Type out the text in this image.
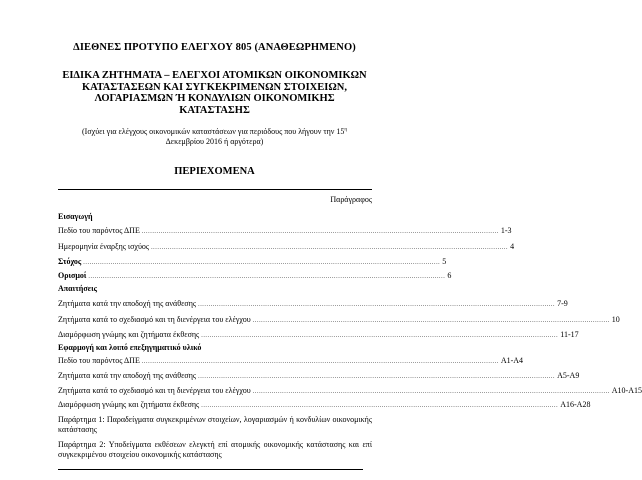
ΔΙΕΘΝΕΣ ΠΡΟΤΥΠΟ ΕΛΕΓΧΟΥ 805 (ΑΝΑΘΕΩΡΗΜΕΝΟ)
ΕΙΔΙΚΑ ΖΗΤΗΜΑΤΑ – ΕΛΕΓΧΟΙ ΑΤΟΜΙΚΩΝ ΟΙΚΟΝΟΜΙΚΩΝ
ΚΑΤΑΣΤΑΣΕΩΝ ΚΑΙ ΣΥΓΚΕΚΡΙΜΕΝΩΝ ΣΤΟΙΧΕΙΩΝ,
ΛΟΓΑΡΙΑΣΜΩΝ Ή ΚΟΝΔΥΛΙΩΝ ΟΙΚΟΝΟΜΙΚΗΣ
ΚΑΤΑΣΤΑΣΗΣ
(Ισχύει για ελέγχους οικονομικών καταστάσεων για περιόδους που λήγουν την $15^\eta$
Δεκεμβρίου 2016 ή αργότερα)
ΠΕΡΙΕΧΟΜΕΝΑ
Παράγραφος
Εισαγωγή
Πεδίο του παρόντος ΔΠΕ .......................................................................................................................................................................... 1-3
Ημερομηνία έναρξης ισχύος .......................................................................................................................................................................... 4
Στόχος .......................................................................................................................................................................... 5
Ορισμοί .......................................................................................................................................................................... 6
Απαιτήσεις
Ζητήματα κατά την αποδοχή της ανάθεσης .......................................................................................................................................................................... 7-9
Ζητήματα κατά το σχεδιασμό και τη διενέργεια του ελέγχου .......................................................................................................................................................................... 10
Διαμόρφωση γνώμης και ζητήματα έκθεσης .......................................................................................................................................................................... 11-17
Εφαρμογή και λοιπό επεξηγηματικό υλικό
Πεδίο του παρόντος ΔΠΕ .......................................................................................................................................................................... A1-A4
Ζητήματα κατά την αποδοχή της ανάθεσης .......................................................................................................................................................................... A5-A9
Ζητήματα κατά το σχεδιασμό και τη διενέργεια του ελέγχου .......................................................................................................................................................................... A10-A15
Διαμόρφωση γνώμης και ζητήματα έκθεσης .......................................................................................................................................................................... A16-A28
Παράρτημα 1: Παραδείγματα συγκεκριμένων στοιχείων, λογαριασμών ή κονδυλίων οικονομικής κατάστασης
Παράρτημα 2: Υποδείγματα εκθέσεων ελεγκτή επί ατομικής οικονομικής κατάστασης και επί συγκεκριμένου στοιχείου οικονομικής κατάστασης
